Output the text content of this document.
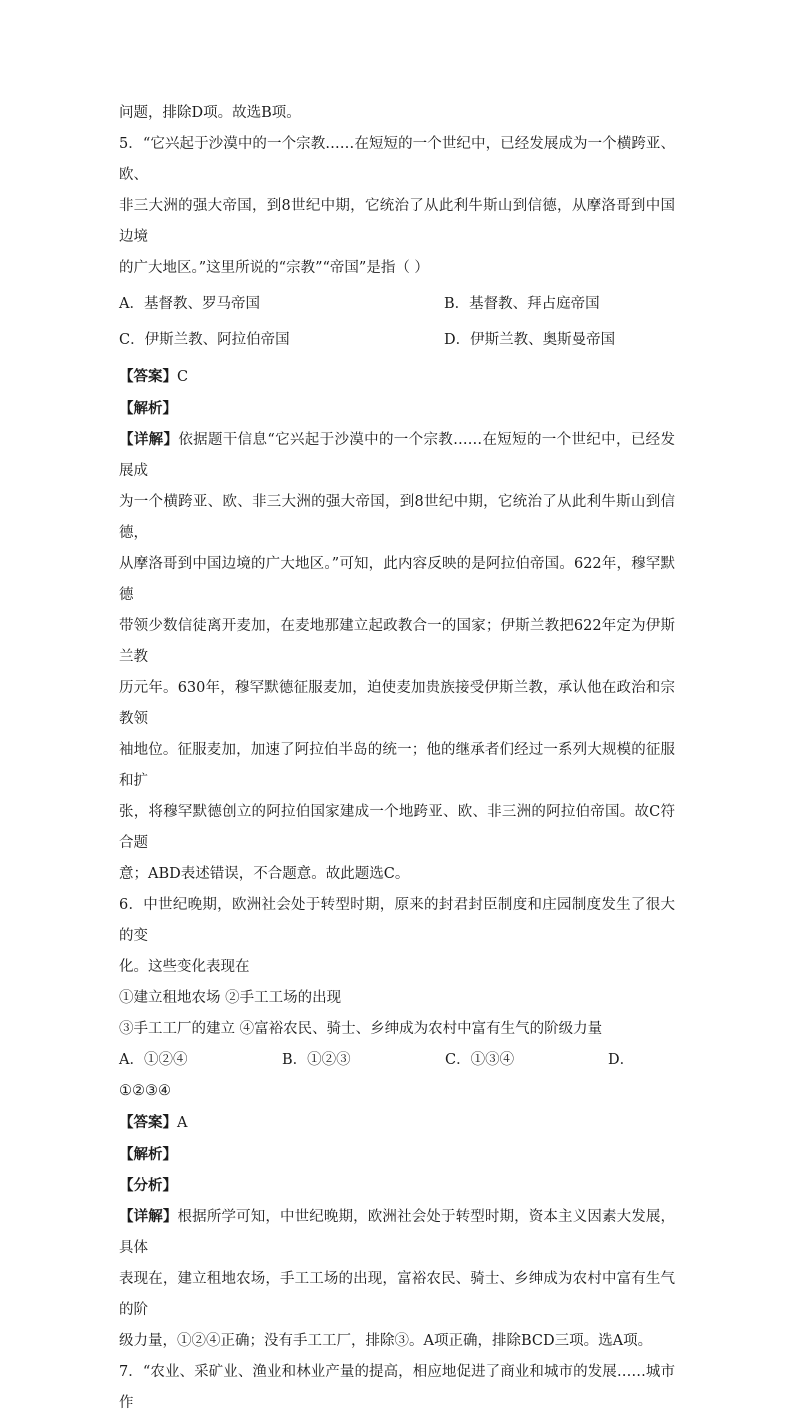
问题，排除D项。故选B项。

5．“它兴起于沙漠中的一个宗教……在短短的一个世纪中，已经发展成为一个横跨亚、欧、

非三大洲的强大帝国，到8世纪中期，它统治了从此利牛斯山到信德，从摩洛哥到中国边境

的广大地区。”这里所说的“宗教”“帝国”是指（ ）

A．基督教、罗马帝国	B．基督教、拜占庭帝国
C．伊斯兰教、阿拉伯帝国	D．伊斯兰教、奥斯曼帝国

【答案】C

【解析】

【详解】依据题干信息“它兴起于沙漠中的一个宗教……在短短的一个世纪中，已经发展成

为一个横跨亚、欧、非三大洲的强大帝国，到8世纪中期，它统治了从此利牛斯山到信德，

从摩洛哥到中国边境的广大地区。”可知，此内容反映的是阿拉伯帝国。622年，穆罕默德

带领少数信徒离开麦加，在麦地那建立起政教合一的国家；伊斯兰教把622年定为伊斯兰教

历元年。630年，穆罕默德征服麦加，迫使麦加贵族接受伊斯兰教，承认他在政治和宗教领

袖地位。征服麦加，加速了阿拉伯半岛的统一；他的继承者们经过一系列大规模的征服和扩

张，将穆罕默德创立的阿拉伯国家建成一个地跨亚、欧、非三洲的阿拉伯帝国。故C符合题

意；ABD表述错误，不合题意。故此题选C。

6．中世纪晚期，欧洲社会处于转型时期，原来的封君封臣制度和庄园制度发生了很大的变

化。这些变化表现在

①建立租地农场 ②手工工场的出现

③手工工厂的建立 ④富裕农民、骑士、乡绅成为农村中富有生气的阶级力量

A．①②④	B．①②③	C．①③④	D．

①②③④

【答案】A

【解析】

【分析】

【详解】根据所学可知，中世纪晚期，欧洲社会处于转型时期，资本主义因素大发展，具体

表现在，建立租地农场，手工工场的出现，富裕农民、骑士、乡绅成为农村中富有生气的阶

级力量，①②④正确；没有手工工厂，排除③。A项正确，排除BCD三项。选A项。

7．“农业、采矿业、渔业和林业产量的提高，相应地促进了商业和城市的发展……城市作
